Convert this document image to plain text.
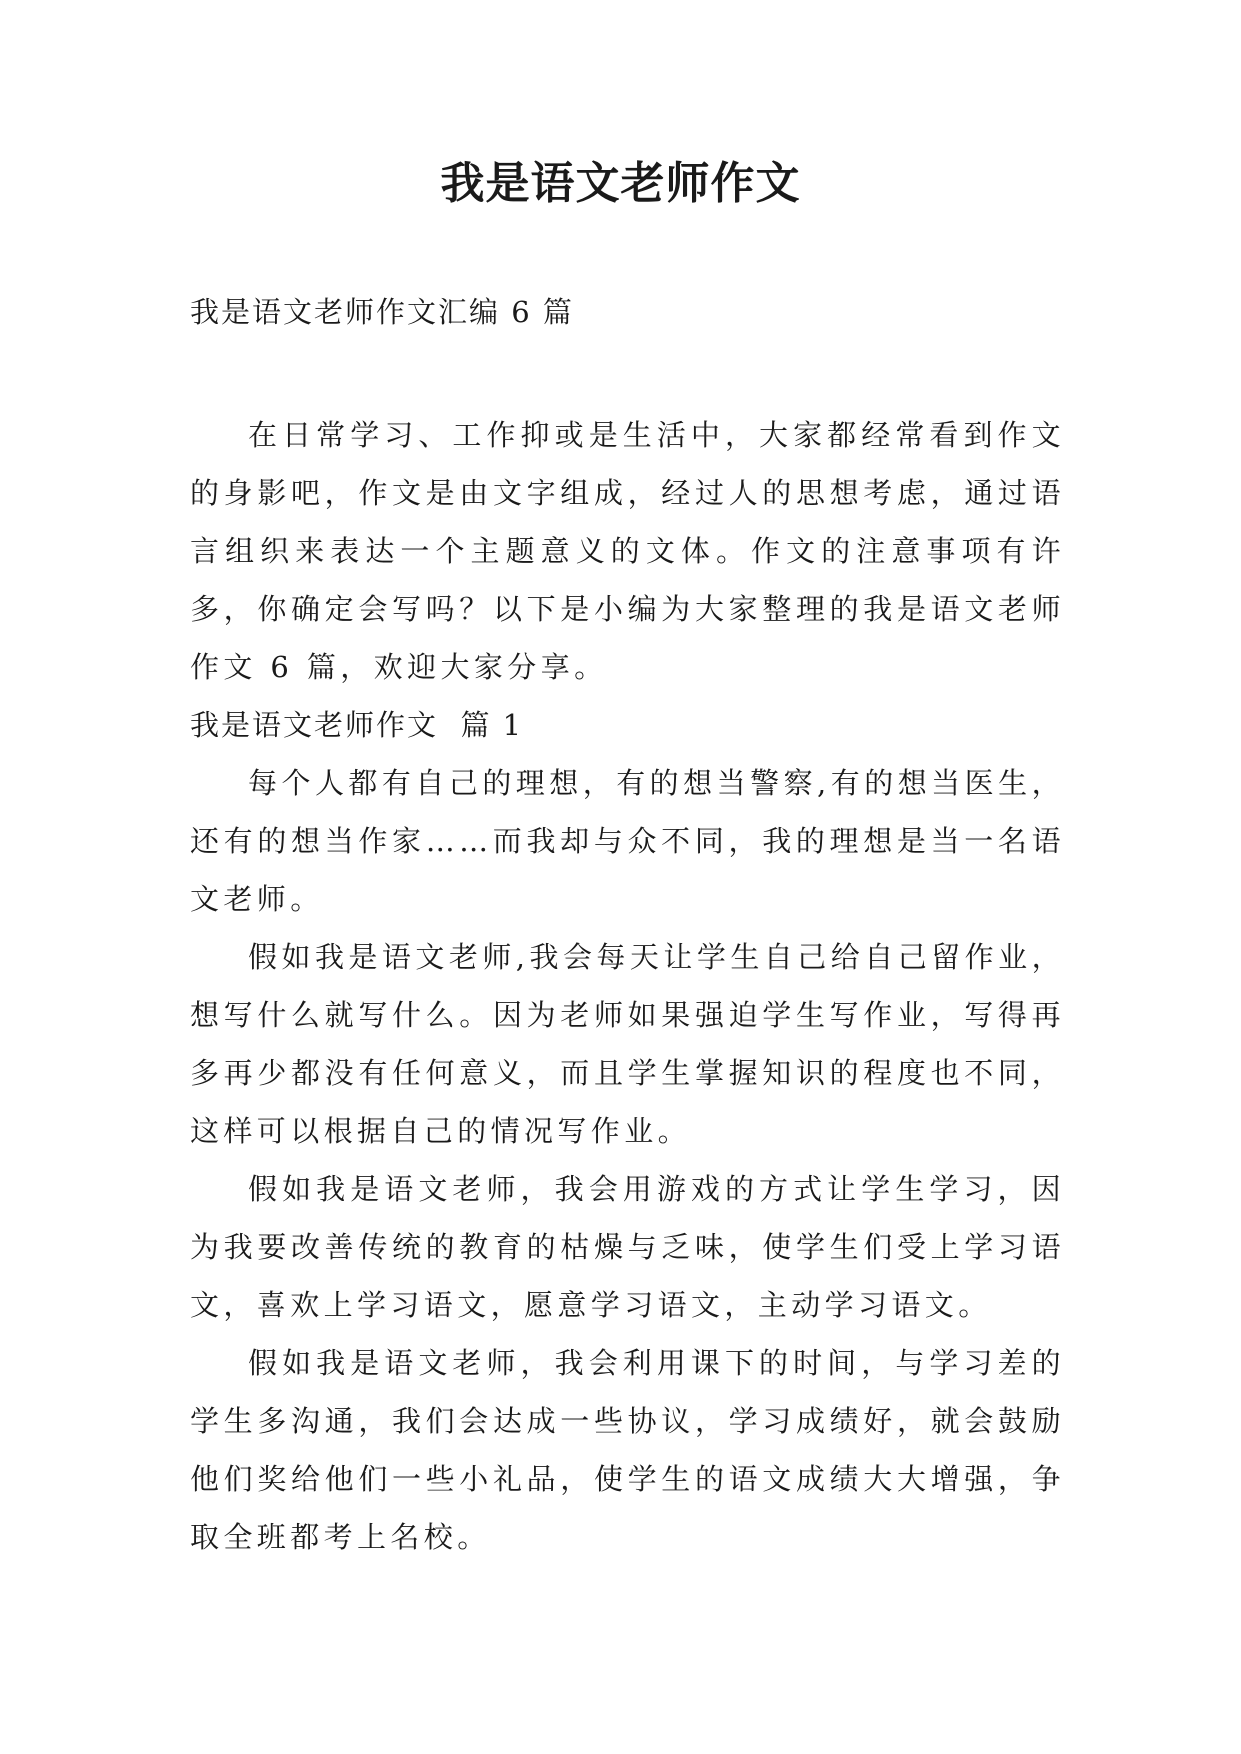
我是语文老师作文

我是语文老师作文汇编 6 篇

在日常学习、工作抑或是生活中，大家都经常看到作文的身影吧，作文是由文字组成，经过人的思想考虑，通过语言组织来表达一个主题意义的文体。作文的注意事项有许多，你确定会写吗？以下是小编为大家整理的我是语文老师作文 6 篇，欢迎大家分享。

我是语文老师作文 篇 1

每个人都有自己的理想，有的想当警察,有的想当医生，还有的想当作家……而我却与众不同，我的理想是当一名语文老师。

假如我是语文老师,我会每天让学生自己给自己留作业，想写什么就写什么。因为老师如果强迫学生写作业，写得再多再少都没有任何意义，而且学生掌握知识的程度也不同，这样可以根据自己的情况写作业。

假如我是语文老师，我会用游戏的方式让学生学习，因为我要改善传统的教育的枯燥与乏味，使学生们受上学习语文，喜欢上学习语文，愿意学习语文，主动学习语文。

假如我是语文老师，我会利用课下的时间，与学习差的学生多沟通，我们会达成一些协议，学习成绩好，就会鼓励他们奖给他们一些小礼品，使学生的语文成绩大大增强，争取全班都考上名校。
